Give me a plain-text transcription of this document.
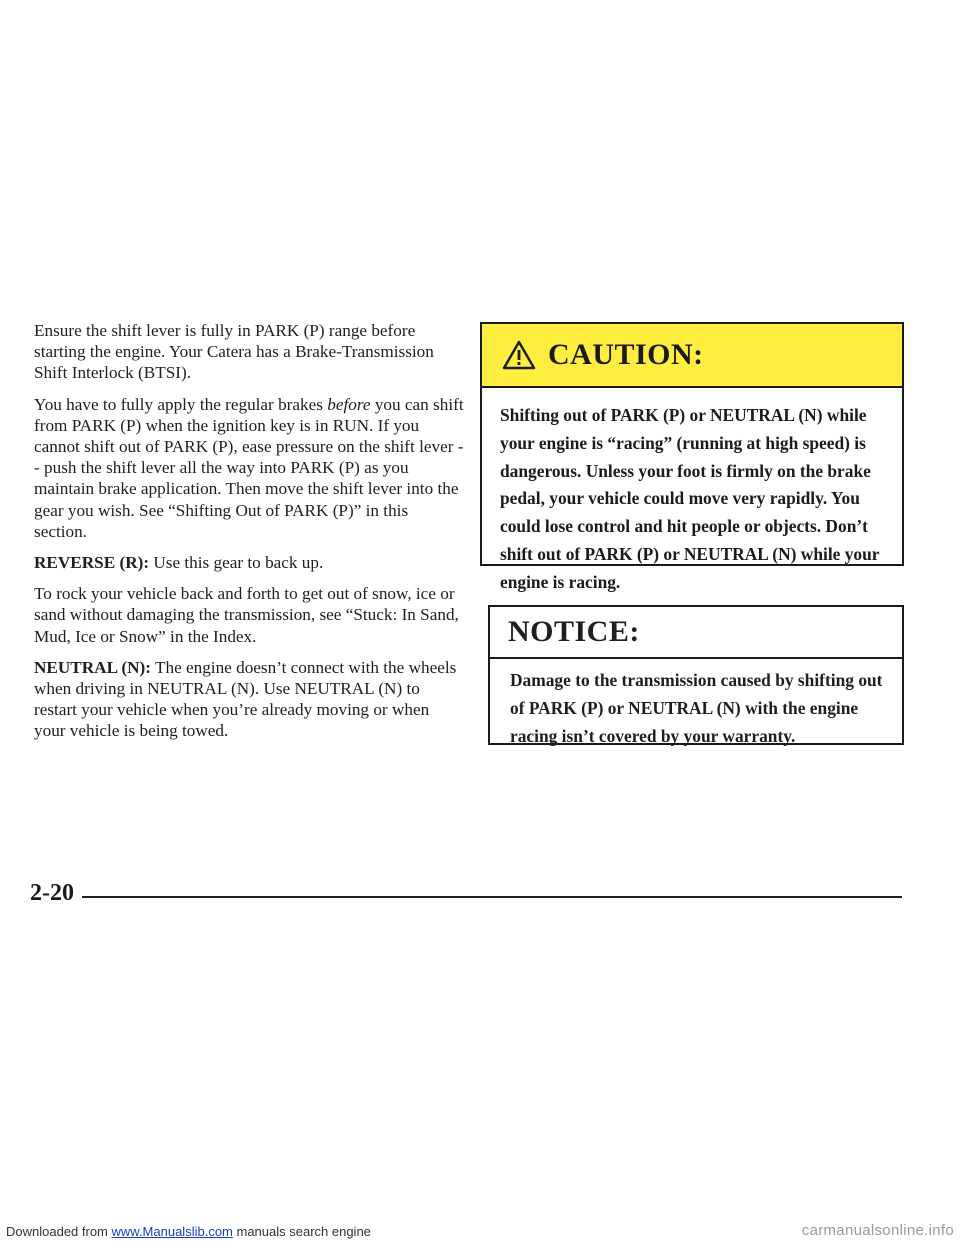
Ensure the shift lever is fully in PARK (P) range before starting the engine. Your Catera has a Brake-Transmission Shift Interlock (BTSI).

You have to fully apply the regular brakes before you can shift from PARK (P) when the ignition key is in RUN. If you cannot shift out of PARK (P), ease pressure on the shift lever -- push the shift lever all the way into PARK (P) as you maintain brake application. Then move the shift lever into the gear you wish. See “Shifting Out of PARK (P)” in this section.

REVERSE (R): Use this gear to back up.

To rock your vehicle back and forth to get out of snow, ice or sand without damaging the transmission, see “Stuck: In Sand, Mud, Ice or Snow” in the Index.

NEUTRAL (N): The engine doesn’t connect with the wheels when driving in NEUTRAL (N). Use NEUTRAL (N) to restart your vehicle when you’re already moving or when your vehicle is being towed.

CAUTION:
Shifting out of PARK (P) or NEUTRAL (N) while your engine is “racing” (running at high speed) is dangerous. Unless your foot is firmly on the brake pedal, your vehicle could move very rapidly. You could lose control and hit people or objects. Don’t shift out of PARK (P) or NEUTRAL (N) while your engine is racing.
NOTICE:
Damage to the transmission caused by shifting out of PARK (P) or NEUTRAL (N) with the engine racing isn’t covered by your warranty.
2-20
Downloaded from www.Manualslib.com manuals search engine	carmanualsonline.info
